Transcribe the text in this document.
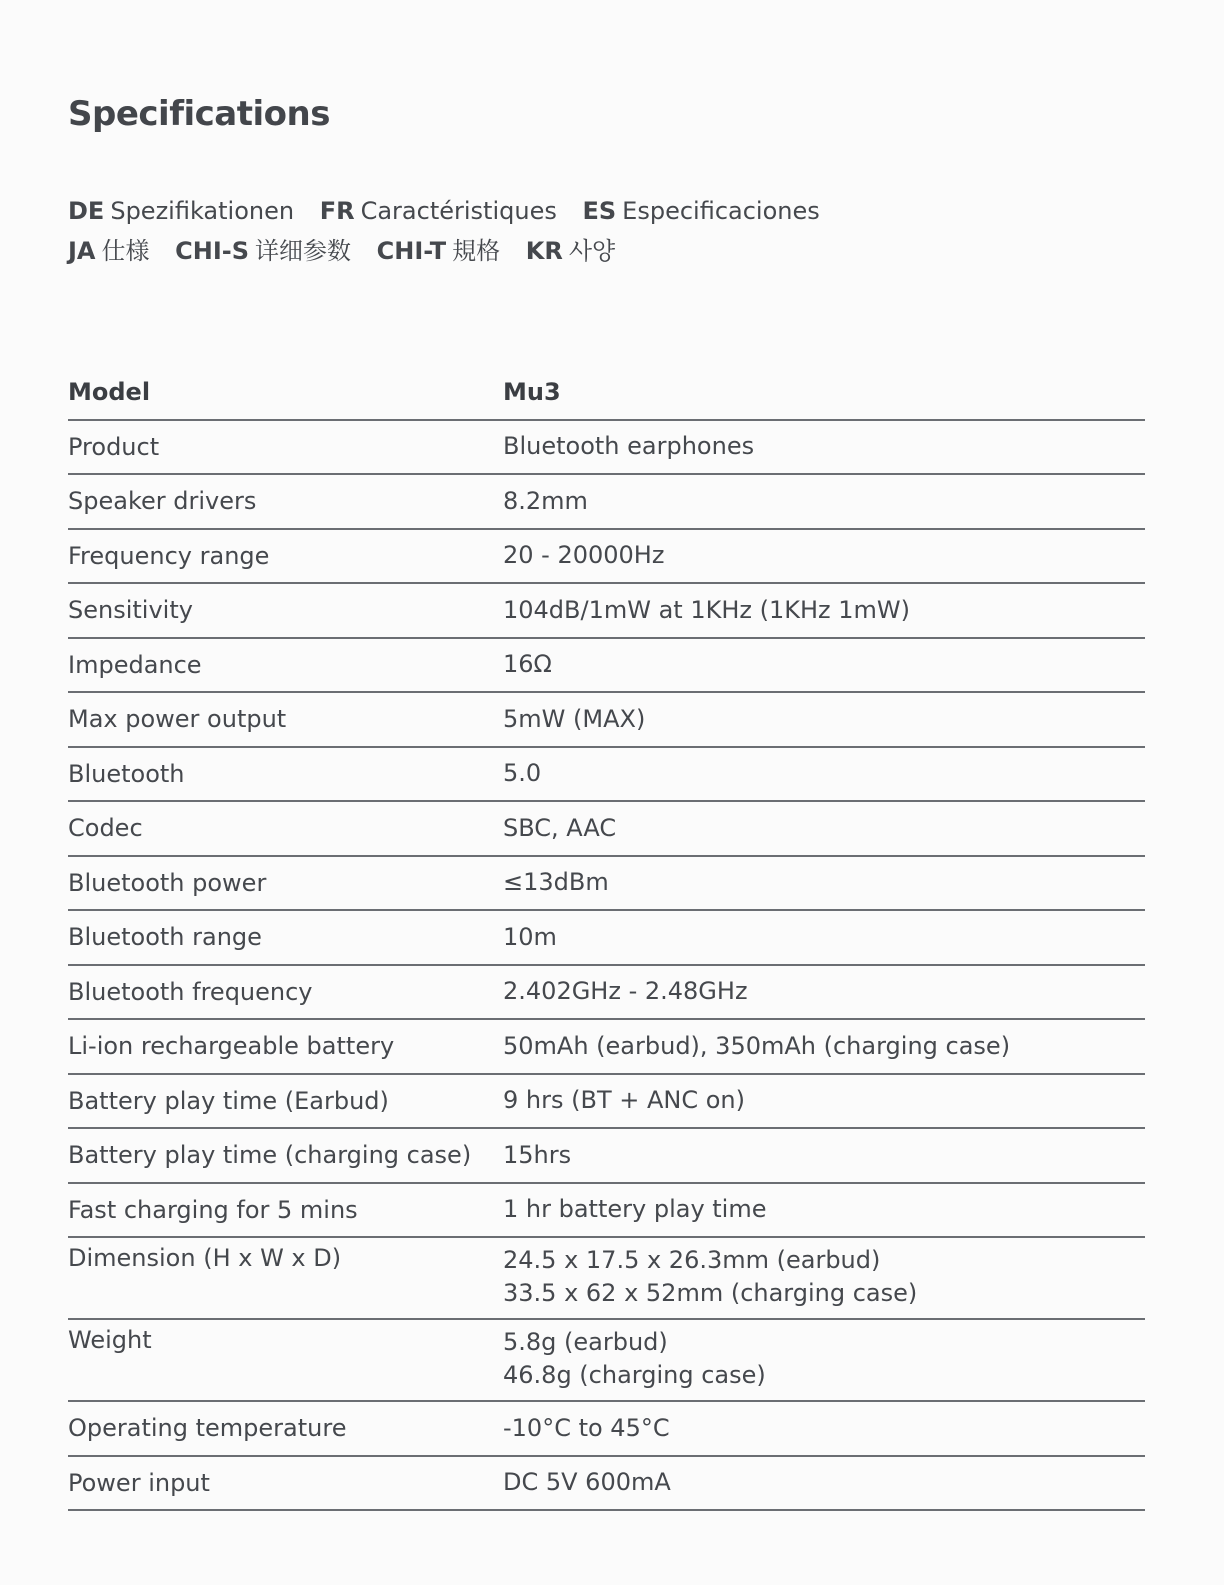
Specifications
DE Spezifikationen FR Caractéristiques ES Especificaciones
JA 仕様 CHI-S 详细参数 CHI-T 規格 KR 사양
Model	Mu3
Product	Bluetooth earphones
Speaker drivers	8.2mm
Frequency range	20 - 20000Hz
Sensitivity	104dB/1mW at 1KHz (1KHz 1mW)
Impedance	16Ω
Max power output	5mW (MAX)
Bluetooth	5.0
Codec	SBC, AAC
Bluetooth power	≤13dBm
Bluetooth range	10m
Bluetooth frequency	2.402GHz - 2.48GHz
Li-ion rechargeable battery	50mAh (earbud), 350mAh (charging case)
Battery play time (Earbud)	9 hrs (BT + ANC on)
Battery play time (charging case)	15hrs
Fast charging for 5 mins	1 hr battery play time
Dimension (H x W x D)	24.5 x 17.5 x 26.3mm (earbud)
33.5 x 62 x 52mm (charging case)
Weight	5.8g (earbud)
46.8g (charging case)
Operating temperature	-10°C to 45°C
Power input	DC 5V 600mA
